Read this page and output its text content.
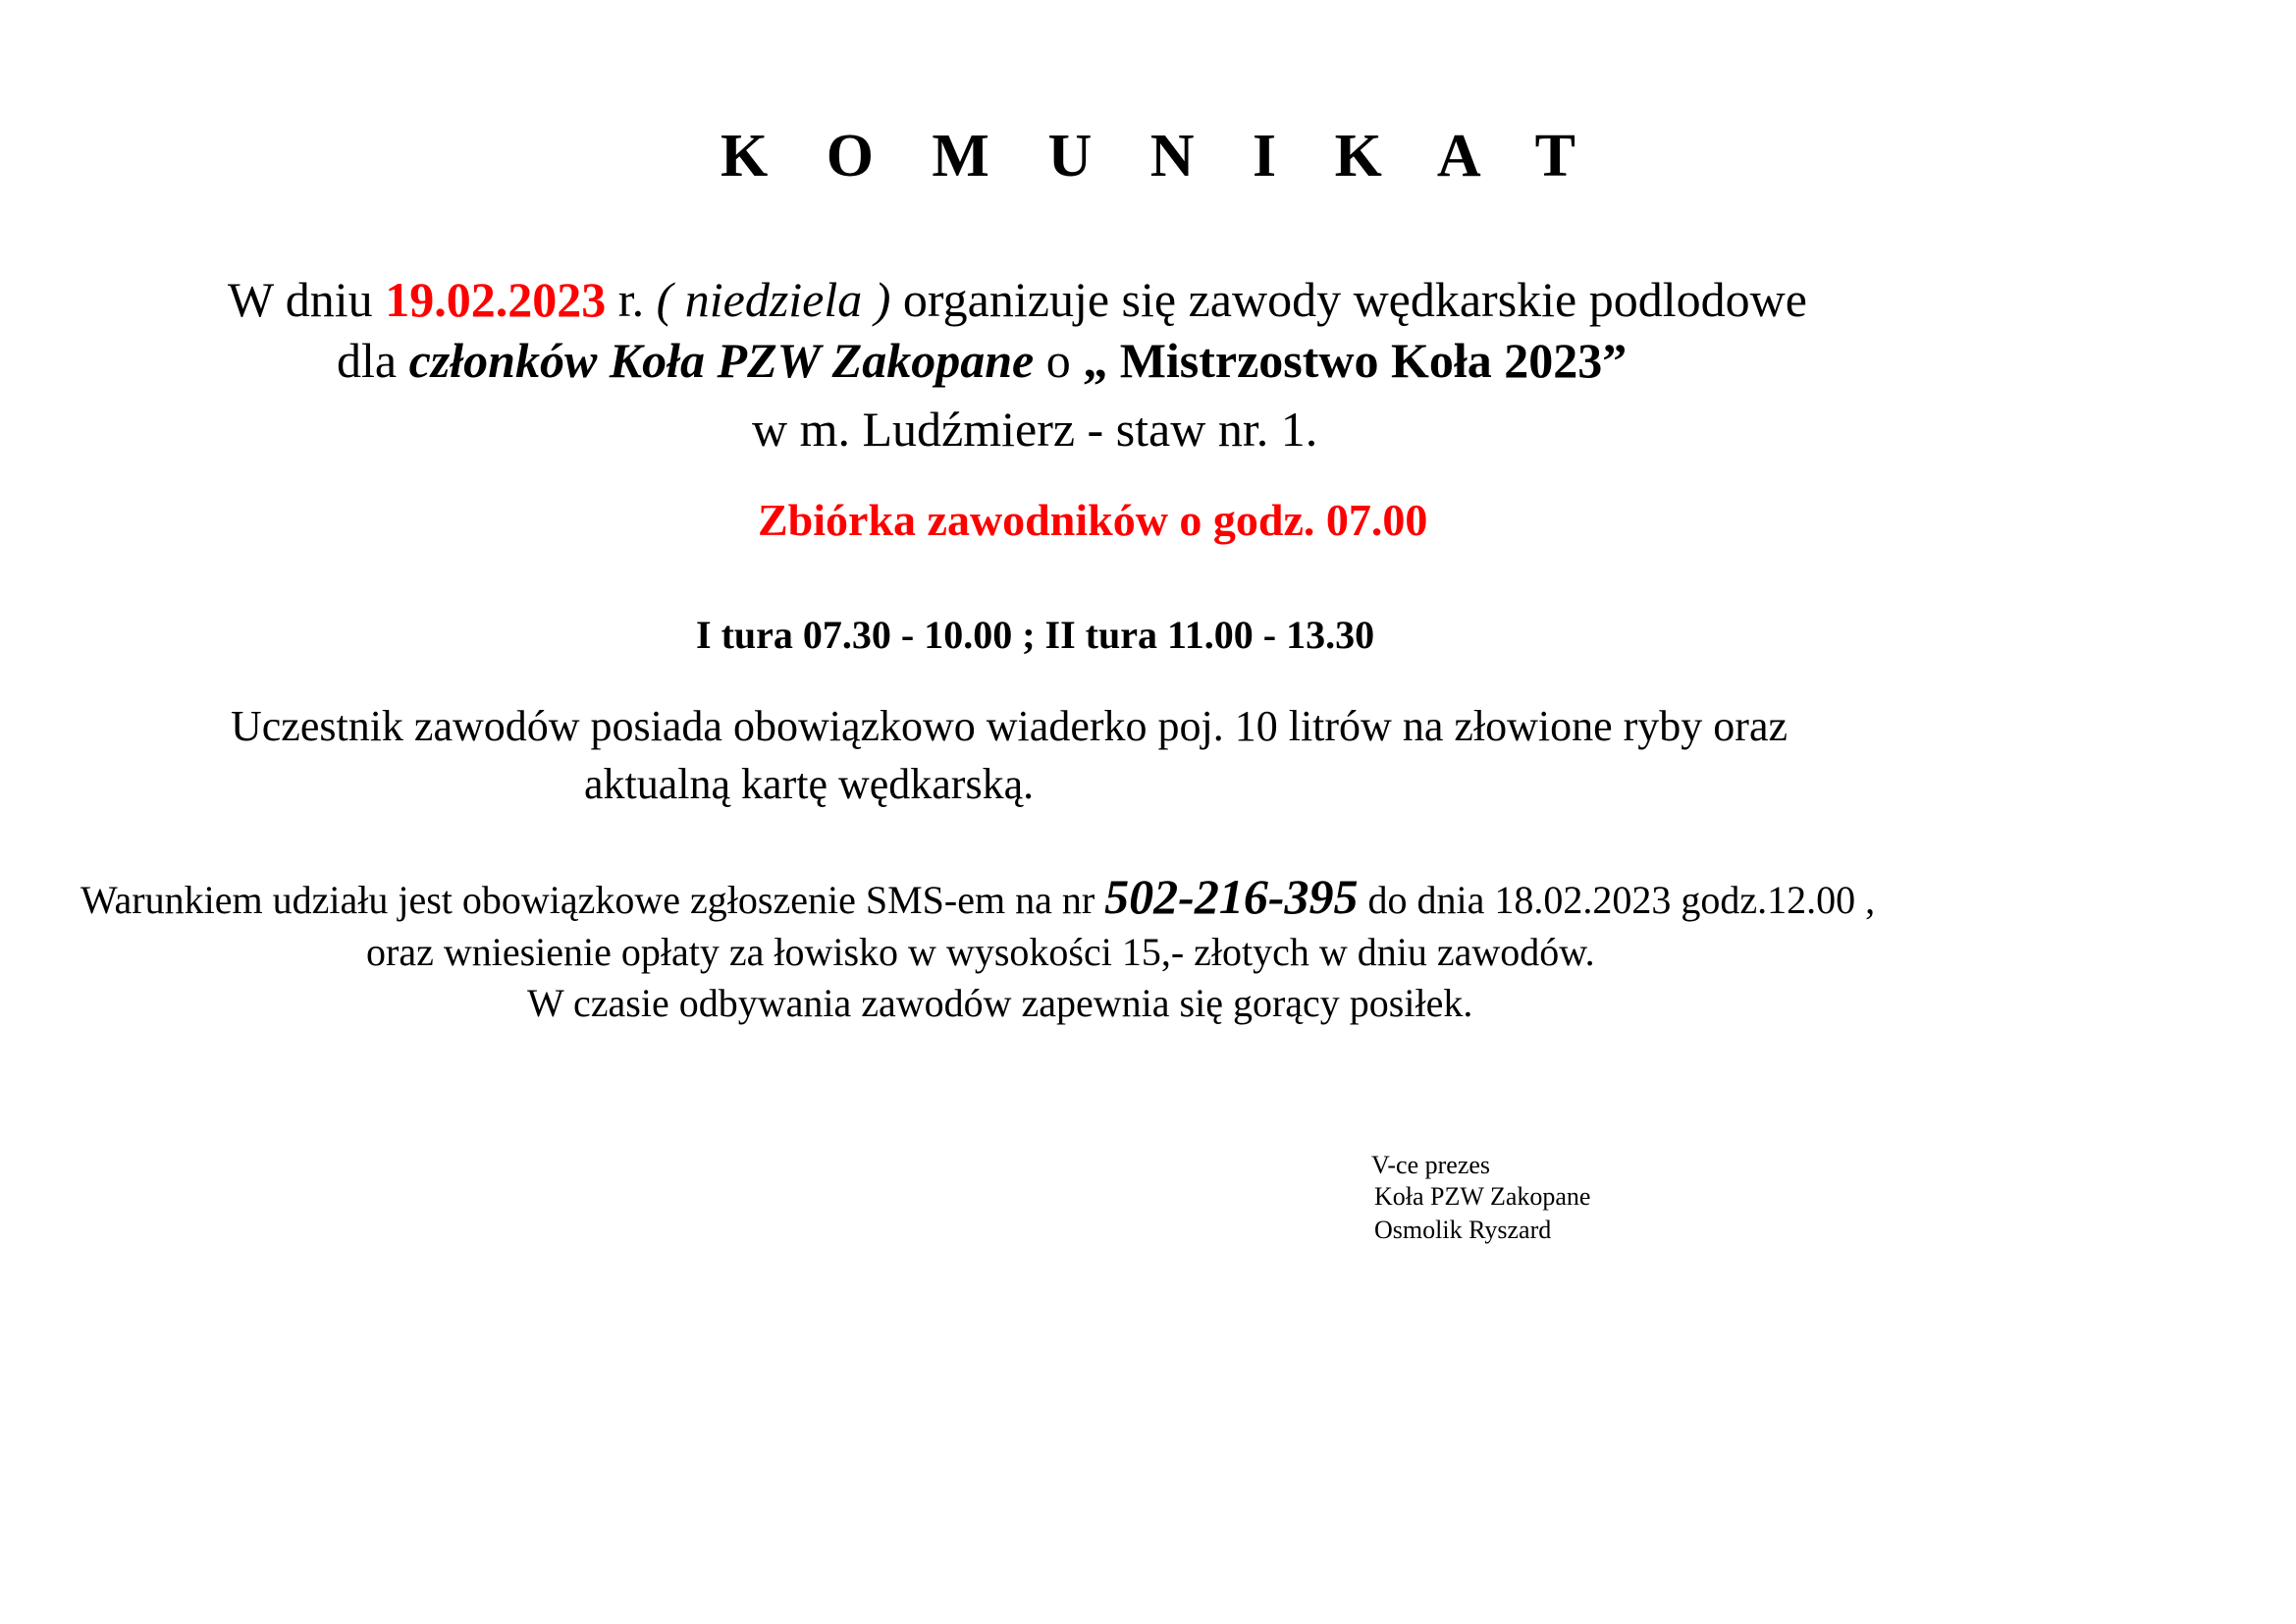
K O M U N I K A T
W dniu 19.02.2023 r. ( niedziela ) organizuje się zawody wędkarskie podlodowe
dla członków Koła PZW Zakopane o „ Mistrzostwo Koła 2023”
w m. Ludźmierz - staw nr. 1.
Zbiórka zawodników o godz. 07.00
I tura 07.30 - 10.00 ; II tura 11.00 - 13.30
Uczestnik zawodów posiada obowiązkowo wiaderko poj. 10 litrów na złowione ryby oraz
aktualną kartę wędkarską.
Warunkiem udziału jest obowiązkowe zgłoszenie SMS-em na nr 502-216-395 do dnia 18.02.2023 godz.12.00 ,
oraz wniesienie opłaty za łowisko w wysokości 15,- złotych w dniu zawodów.
W czasie odbywania zawodów zapewnia się gorący posiłek.
V-ce prezes
Koła PZW Zakopane
Osmolik Ryszard
